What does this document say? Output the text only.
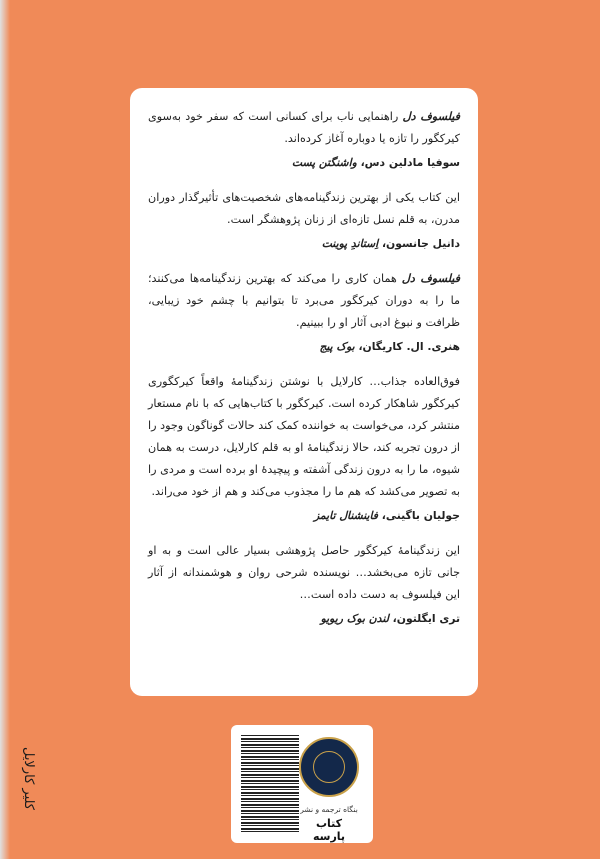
فیلسوف دل راهنمایی ناب برای کسانی است که سفر خود به‌سوی کیرکگور را تازه یا دوباره آغاز کرده‌اند.
سوفیا مادلین دس، واشنگتن پست
این کتاب یکی از بهترین زندگینامه‌های شخصیت‌های تأثیرگذار دوران مدرن، به قلم نسل تازه‌ای از زنان پژوهشگر است.
دانیل جانسون، اِستاندِ پوینت
فیلسوف دل همان کاری را می‌کند که بهترین زندگینامه‌ها می‌کنند؛ ما را به دوران کیرکگور می‌برد تا بتوانیم با چشم خود زیبایی، ظرافت و نبوغ ادبی آثار او را ببینیم.
هنری. ال. کاریگان، بوک پیج
فوق‌العاده جذاب… کارلایل با نوشتن زندگینامهٔ واقعاً کیرکگوری کیرکگور شاهکار کرده است. کیرکگور با کتاب‌هایی که با نام مستعار منتشر کرد، می‌خواست به خواننده کمک کند حالات گوناگون وجود را از درون تجربه کند، حالا زندگینامهٔ او به قلم کارلایل، درست به همان شیوه، ما را به درون زندگی آشفته و پیچیدهٔ او برده است و مردی را به تصویر می‌کشد که هم ما را مجذوب می‌کند و هم از خود می‌راند.
جولیان باگینی، فاینشنال تایمز
این زندگینامهٔ کیرکگور حاصل پژوهشی بسیار عالی است و به او جانی تازه می‌بخشد… نویسنده شرحی روان و هوشمندانه از آثار این فیلسوف به دست داده است…
تری ایگلتون، لندن بوک ریویو
کلیر کارلایل	بنگاه ترجمه و نشر
کتاب پارسه
